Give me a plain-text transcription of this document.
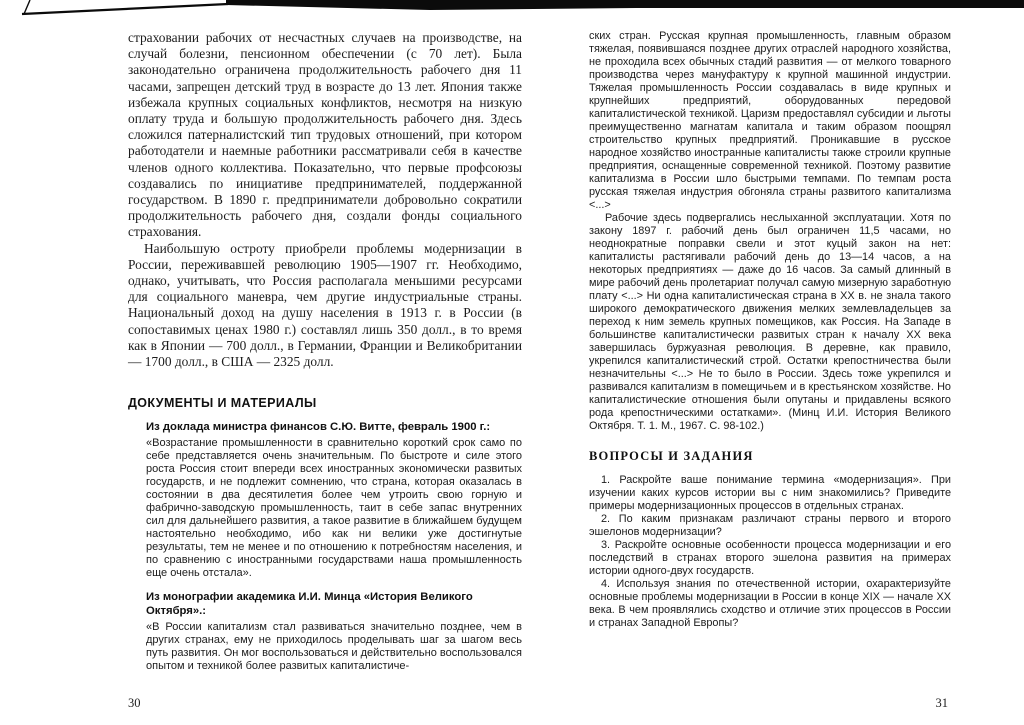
страховании рабочих от несчастных случаев на производстве, на случай болезни, пенсионном обеспечении (с 70 лет). Была законодательно ограничена продолжительность рабочего дня 11 часами, запрещен детский труд в возрасте до 13 лет. Япония также избежала крупных социальных конфликтов, несмотря на низкую оплату труда и большую продолжительность рабочего дня. Здесь сложился патерналистский тип трудовых отношений, при котором работодатели и наемные работники рассматривали себя в качестве членов одного коллектива. Показательно, что первые профсоюзы создавались по инициативе предпринимателей, поддержанной государством. В 1890 г. предприниматели добровольно сократили продолжительность рабочего дня, создали фонды социального страхования.

Наибольшую остроту приобрели проблемы модернизации в России, переживавшей революцию 1905—1907 гг. Необходимо, однако, учитывать, что Россия располагала меньшими ресурсами для социального маневра, чем другие индустриальные страны. Национальный доход на душу населения в 1913 г. в России (в сопоставимых ценах 1980 г.) составлял лишь 350 долл., в то время как в Японии — 700 долл., в Германии, Франции и Великобритании — 1700 долл., в США — 2325 долл.

ДОКУМЕНТЫ И МАТЕРИАЛЫ

Из доклада министра финансов С.Ю. Витте, февраль 1900 г.:

«Возрастание промышленности в сравнительно короткий срок само по себе представляется очень значительным. По быстроте и силе этого роста Россия стоит впереди всех иностранных экономически развитых государств, и не подлежит сомнению, что страна, которая оказалась в состоянии в два десятилетия более чем утроить свою горную и фабрично-заводскую промышленность, таит в себе запас внутренних сил для дальнейшего развития, а такое развитие в ближайшем будущем настоятельно необходимо, ибо как ни велики уже достигнутые результаты, тем не менее и по отношению к потребностям населения, и по сравнению с иностранными государствами наша промышленность еще очень отстала».

Из монографии академика И.И. Минца «История Великого Октября».:

«В России капитализм стал развиваться значительно позднее, чем в других странах, ему не приходилось проделывать шаг за шагом весь путь развития. Он мог воспользоваться и действительно воспользовался опытом и техникой более развитых капиталистиче-

ских стран. Русская крупная промышленность, главным образом тяжелая, появившаяся позднее других отраслей народного хозяйства, не проходила всех обычных стадий развития — от мелкого товарного производства через мануфактуру к крупной машинной индустрии. Тяжелая промышленность России создавалась в виде крупных и крупнейших предприятий, оборудованных передовой капиталистической техникой. Царизм предоставлял субсидии и льготы преимущественно магнатам капитала и таким образом поощрял строительство крупных предприятий. Проникавшие в русское народное хозяйство иностранные капиталисты также строили крупные предприятия, оснащенные современной техникой. Поэтому развитие капитализма в России шло быстрыми темпами. По темпам роста русская тяжелая индустрия обгоняла страны развитого капитализма <...>

Рабочие здесь подвергались неслыханной эксплуатации. Хотя по закону 1897 г. рабочий день был ограничен 11,5 часами, но неоднократные поправки свели и этот куцый закон на нет: капиталисты растягивали рабочий день до 13—14 часов, а на некоторых предприятиях — даже до 16 часов. За самый длинный в мире рабочий день пролетариат получал самую мизерную заработную плату <...> Ни одна капиталистическая страна в XX в. не знала такого широкого демократического движения мелких землевладельцев за переход к ним земель крупных помещиков, как Россия. На Западе в большинстве капиталистически развитых стран к началу XX века завершилась буржуазная революция. В деревне, как правило, укрепился капиталистический строй. Остатки крепостничества были незначительны <...> Не то было в России. Здесь тоже укрепился и развивался капитализм в помещичьем и в крестьянском хозяйстве. Но капиталистические отношения были опутаны и придавлены всякого рода крепостническими остатками». (Минц И.И. История Великого Октября. Т. 1. М., 1967. С. 98-102.)

ВОПРОСЫ И ЗАДАНИЯ

1. Раскройте ваше понимание термина «модернизация». При изучении каких курсов истории вы с ним знакомились? Приведите примеры модернизационных процессов в отдельных странах.

2. По каким признакам различают страны первого и второго эшелонов модернизации?

3. Раскройте основные особенности процесса модернизации и его последствий в странах второго эшелона развития на примерах истории одного-двух государств.

4. Используя знания по отечественной истории, охарактеризуйте основные проблемы модернизации в России в конце XIX — начале XX века. В чем проявлялись сходство и отличие этих процессов в России и странах Западной Европы?

30	31
